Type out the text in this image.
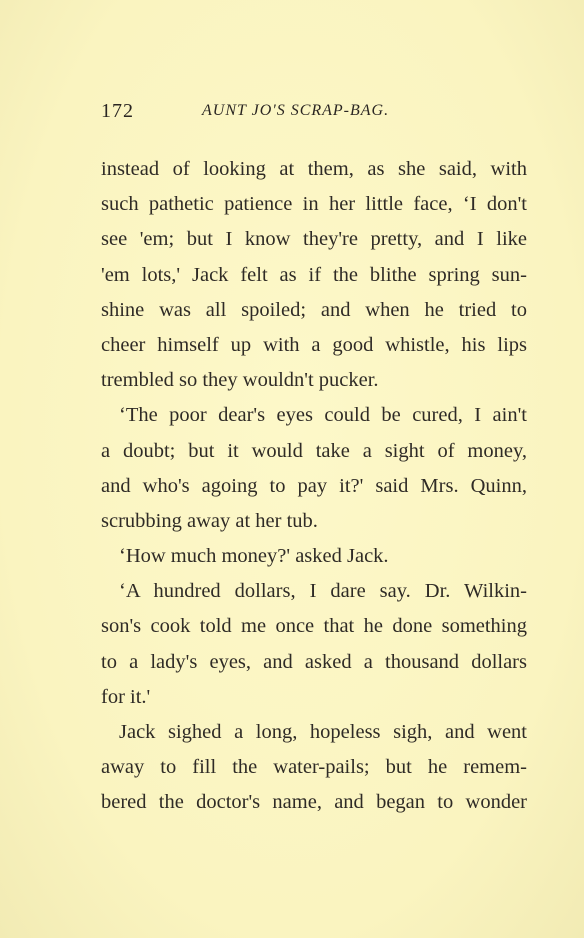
172	AUNT JO'S SCRAP-BAG.
instead of looking at them, as she said, with
such pathetic patience in her little face, ‘I don't
see 'em; but I know they're pretty, and I like
'em lots,' Jack felt as if the blithe spring sun-
shine was all spoiled; and when he tried to
cheer himself up with a good whistle, his lips
trembled so they wouldn't pucker.
‘The poor dear's eyes could be cured, I ain't
a doubt; but it would take a sight of money,
and who's agoing to pay it?' said Mrs. Quinn,
scrubbing away at her tub.
‘How much money?' asked Jack.
‘A hundred dollars, I dare say. Dr. Wilkin-
son's cook told me once that he done something
to a lady's eyes, and asked a thousand dollars
for it.'
Jack sighed a long, hopeless sigh, and went
away to fill the water-pails; but he remem-
bered the doctor's name, and began to wonder
